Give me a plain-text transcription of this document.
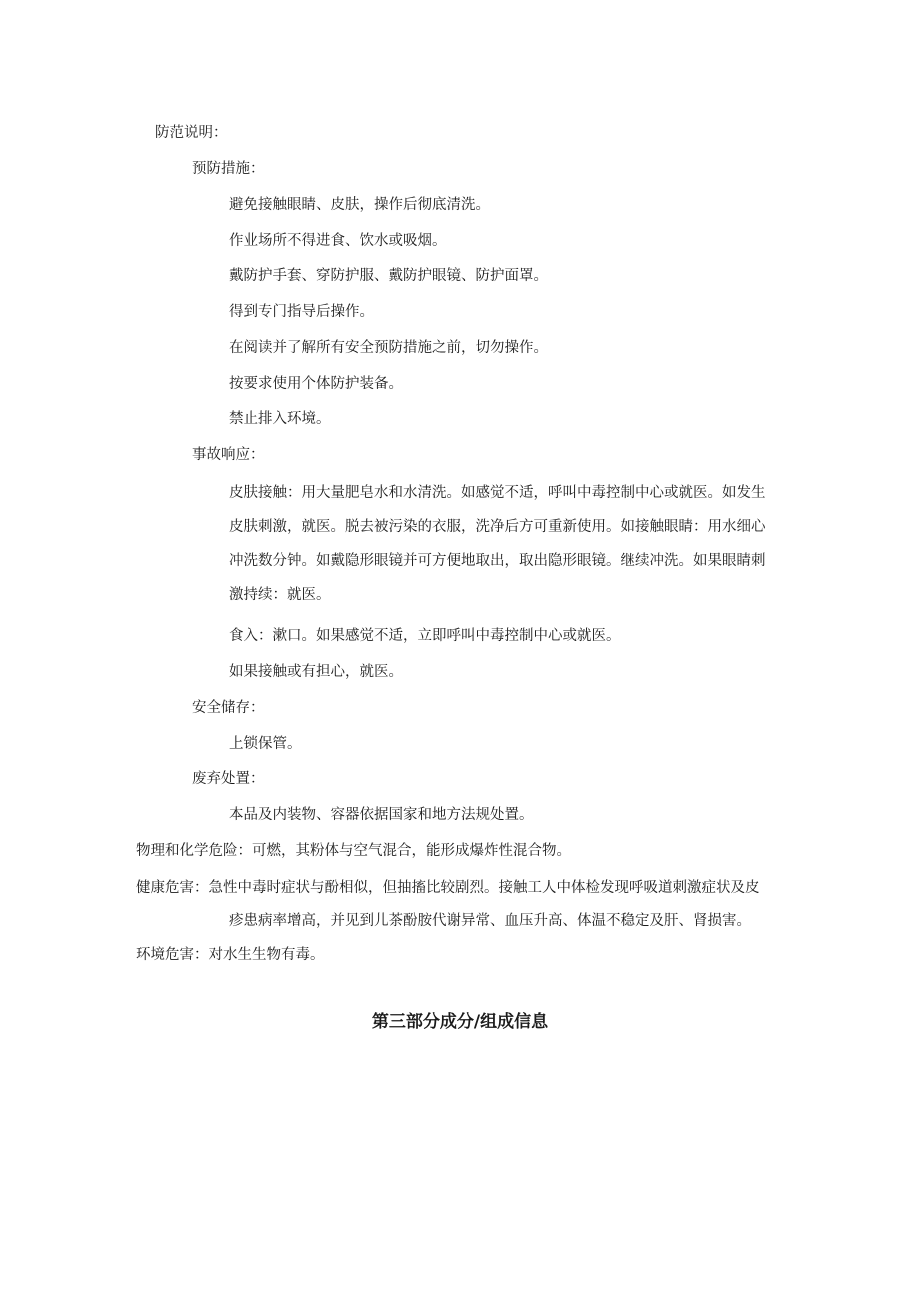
防范说明：
预防措施：
避免接触眼睛、皮肤，操作后彻底清洗。
作业场所不得进食、饮水或吸烟。
戴防护手套、穿防护服、戴防护眼镜、防护面罩。
得到专门指导后操作。
在阅读并了解所有安全预防措施之前，切勿操作。
按要求使用个体防护装备。
禁止排入环境。
事故响应：
皮肤接触：用大量肥皂水和水清洗。如感觉不适，呼叫中毒控制中心或就医。如发生
皮肤刺激，就医。脱去被污染的衣服，洗净后方可重新使用。如接触眼睛：用水细心
冲洗数分钟。如戴隐形眼镜并可方便地取出，取出隐形眼镜。继续冲洗。如果眼睛刺
激持续：就医。
食入：漱口。如果感觉不适，立即呼叫中毒控制中心或就医。
如果接触或有担心，就医。
安全储存：
上锁保管。
废弃处置：
本品及内装物、容器依据国家和地方法规处置。
物理和化学危险：可燃，其粉体与空气混合，能形成爆炸性混合物。
健康危害：急性中毒时症状与酚相似，但抽搐比较剧烈。接触工人中体检发现呼吸道刺激症状及皮
疹患病率增高，并见到儿茶酚胺代谢异常、血压升高、体温不稳定及肝、肾损害。
环境危害：对水生生物有毒。
第三部分成分/组成信息
